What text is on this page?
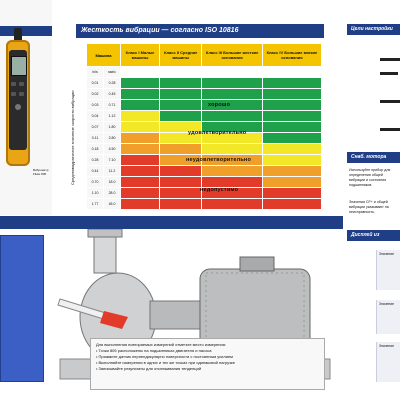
Виброметр Fluke 805
Жесткость вибрации — согласно ISO 10816
Среднеквадратичное значение скорости вибрации
Машина		Класс I Малые машины	Класс II Средние машины	Класс III Большие жесткие основания	Класс IV Большие мягкие основания
in/s	мм/с				
0.01	0.28				
0.02	0.45				
0.03	0.71				
0.04	1.12				
0.07	1.80				
0.11	2.80				
0.18	4.50				
0.28	7.10				
0.44	11.2				
0.70	18.0				
1.10	28.0				
1.77	45.0				
хорошо
удовлетворительно
неудовлетворительно
недопустимо
Цели настройки
Снаб. мотора
Используйте прибор для определения общей вибрации и состояния подшипников.
Значения CF+ и общей вибрации указывают на неисправность.
Дисплей из
Значение
Значение
Значение
Для выполнения повторяемых измерений отметьте место измерения:
• Точки 805 расположены на подшипниках двигателя и насоса
• Прижмите датчик перпендикулярно поверхности с постоянным усилием
• Выполняйте измерения в одних и тех же точках при одинаковой нагрузке
• Записывайте результаты для отслеживания тенденций
